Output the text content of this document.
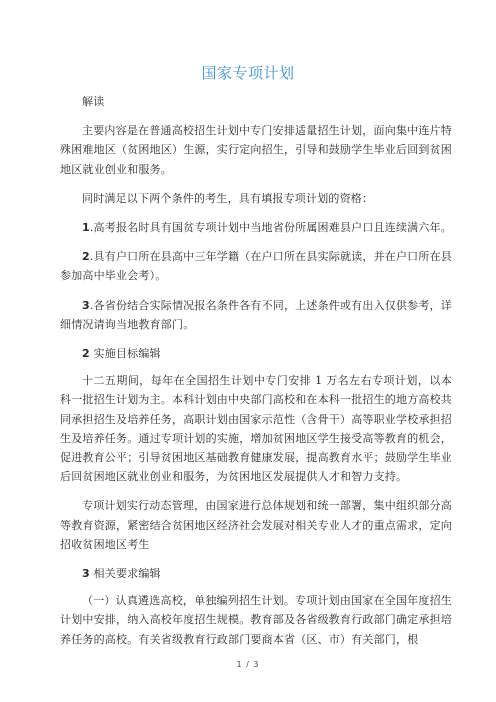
国家专项计划

解读

主要内容是在普通高校招生计划中专门安排适量招生计划，面向集中连片特殊困难地区（贫困地区）生源，实行定向招生，引导和鼓励学生毕业后回到贫困地区就业创业和服务。

同时满足以下两个条件的考生，具有填报专项计划的资格：

1.高考报名时具有国贫专项计划中当地省份所属困难县户口且连续满六年。

2.具有户口所在县高中三年学籍（在户口所在县实际就读，并在户口所在县参加高中毕业会考）。

3.各省份结合实际情况报名条件各有不同，上述条件或有出入仅供参考，详细情况请询当地教育部门。

2 实施目标编辑

十二五期间，每年在全国招生计划中专门安排 1 万名左右专项计划，以本科一批招生计划为主。本科计划由中央部门高校和在本科一批招生的地方高校共同承担招生及培养任务，高职计划由国家示范性（含骨干）高等职业学校承担招生及培养任务。通过专项计划的实施，增加贫困地区学生接受高等教育的机会，促进教育公平；引导贫困地区基础教育健康发展，提高教育水平；鼓励学生毕业后回贫困地区就业创业和服务，为贫困地区发展提供人才和智力支持。

专项计划实行动态管理，由国家进行总体规划和统一部署，集中组织部分高等教育资源，紧密结合贫困地区经济社会发展对相关专业人才的重点需求，定向招收贫困地区考生

3 相关要求编辑

（一）认真遴选高校，单独编列招生计划。专项计划由国家在全国年度招生计划中安排，纳入高校年度招生规模。教育部及各省级教育行政部门确定承担培养任务的高校。有关省级教育行政部门要商本省（区、市）有关部门，根

1 / 3
